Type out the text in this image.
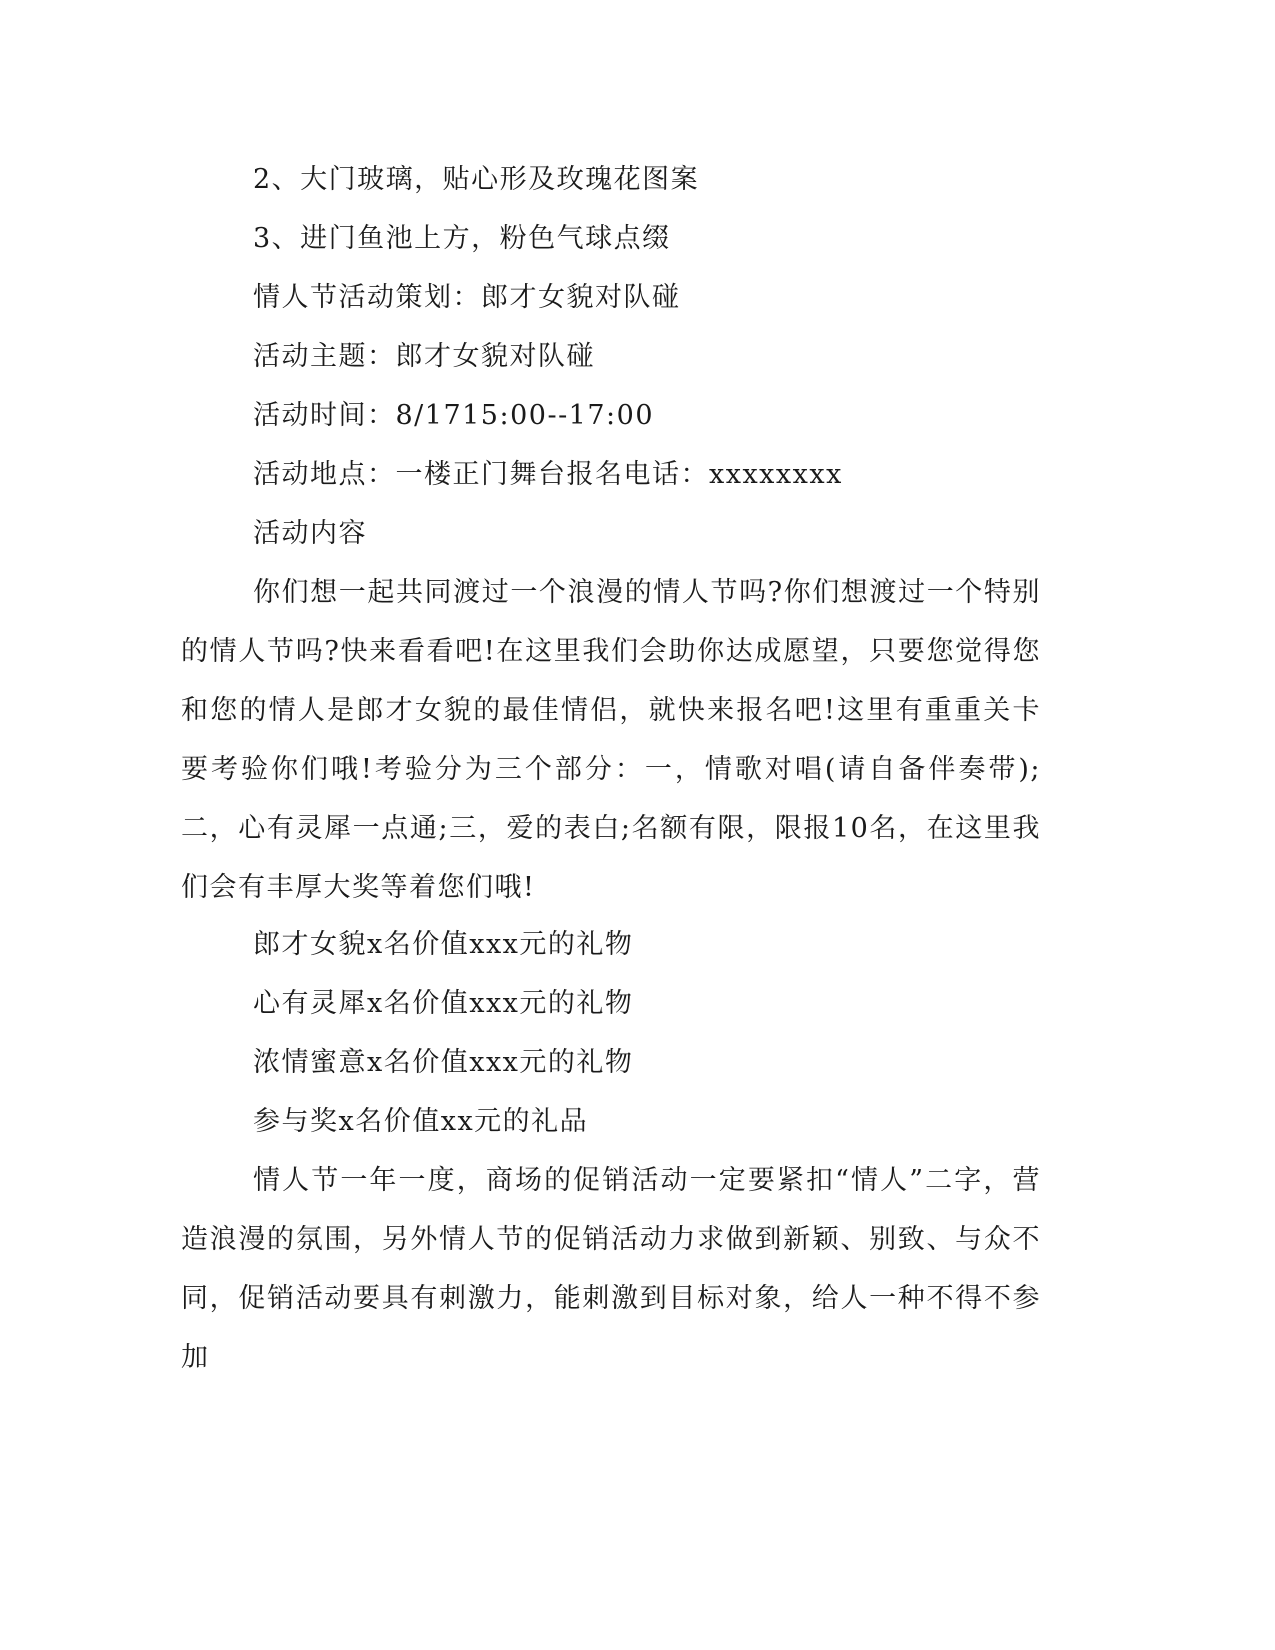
2、大门玻璃，贴心形及玫瑰花图案
3、进门鱼池上方，粉色气球点缀
情人节活动策划：郎才女貌对队碰
活动主题：郎才女貌对队碰
活动时间：8/1715:00--17:00
活动地点：一楼正门舞台报名电话：xxxxxxxx
活动内容
你们想一起共同渡过一个浪漫的情人节吗?你们想渡过一个特别的情人节吗?快来看看吧!在这里我们会助你达成愿望，只要您觉得您和您的情人是郎才女貌的最佳情侣，就快来报名吧!这里有重重关卡要考验你们哦!考验分为三个部分：一，情歌对唱(请自备伴奏带);二，心有灵犀一点通;三，爱的表白;名额有限，限报10名，在这里我们会有丰厚大奖等着您们哦!
郎才女貌x名价值xxx元的礼物
心有灵犀x名价值xxx元的礼物
浓情蜜意x名价值xxx元的礼物
参与奖x名价值xx元的礼品
情人节一年一度，商场的促销活动一定要紧扣“情人”二字，营造浪漫的氛围，另外情人节的促销活动力求做到新颖、别致、与众不同，促销活动要具有刺激力，能刺激到目标对象，给人一种不得不参加
